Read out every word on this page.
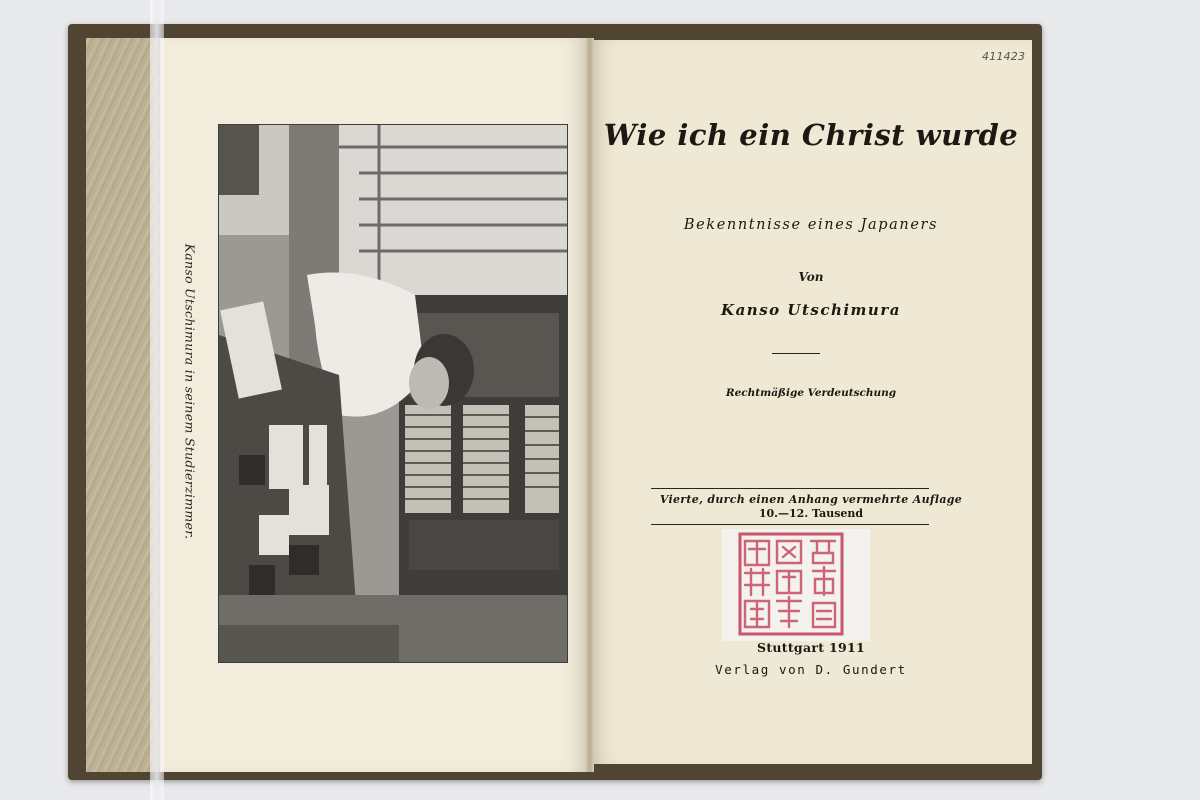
Kanso Utschimura in seinem Studierzimmer.
Wie ich ein Christ wurde
Bekenntnisse eines Japaners
Von
Kanso Utschimura
Rechtmäßige Verdeutschung
Vierte, durch einen Anhang vermehrte Auflage
10.—12. Tausend
Stuttgart 1911
Verlag von D. Gundert
411423
